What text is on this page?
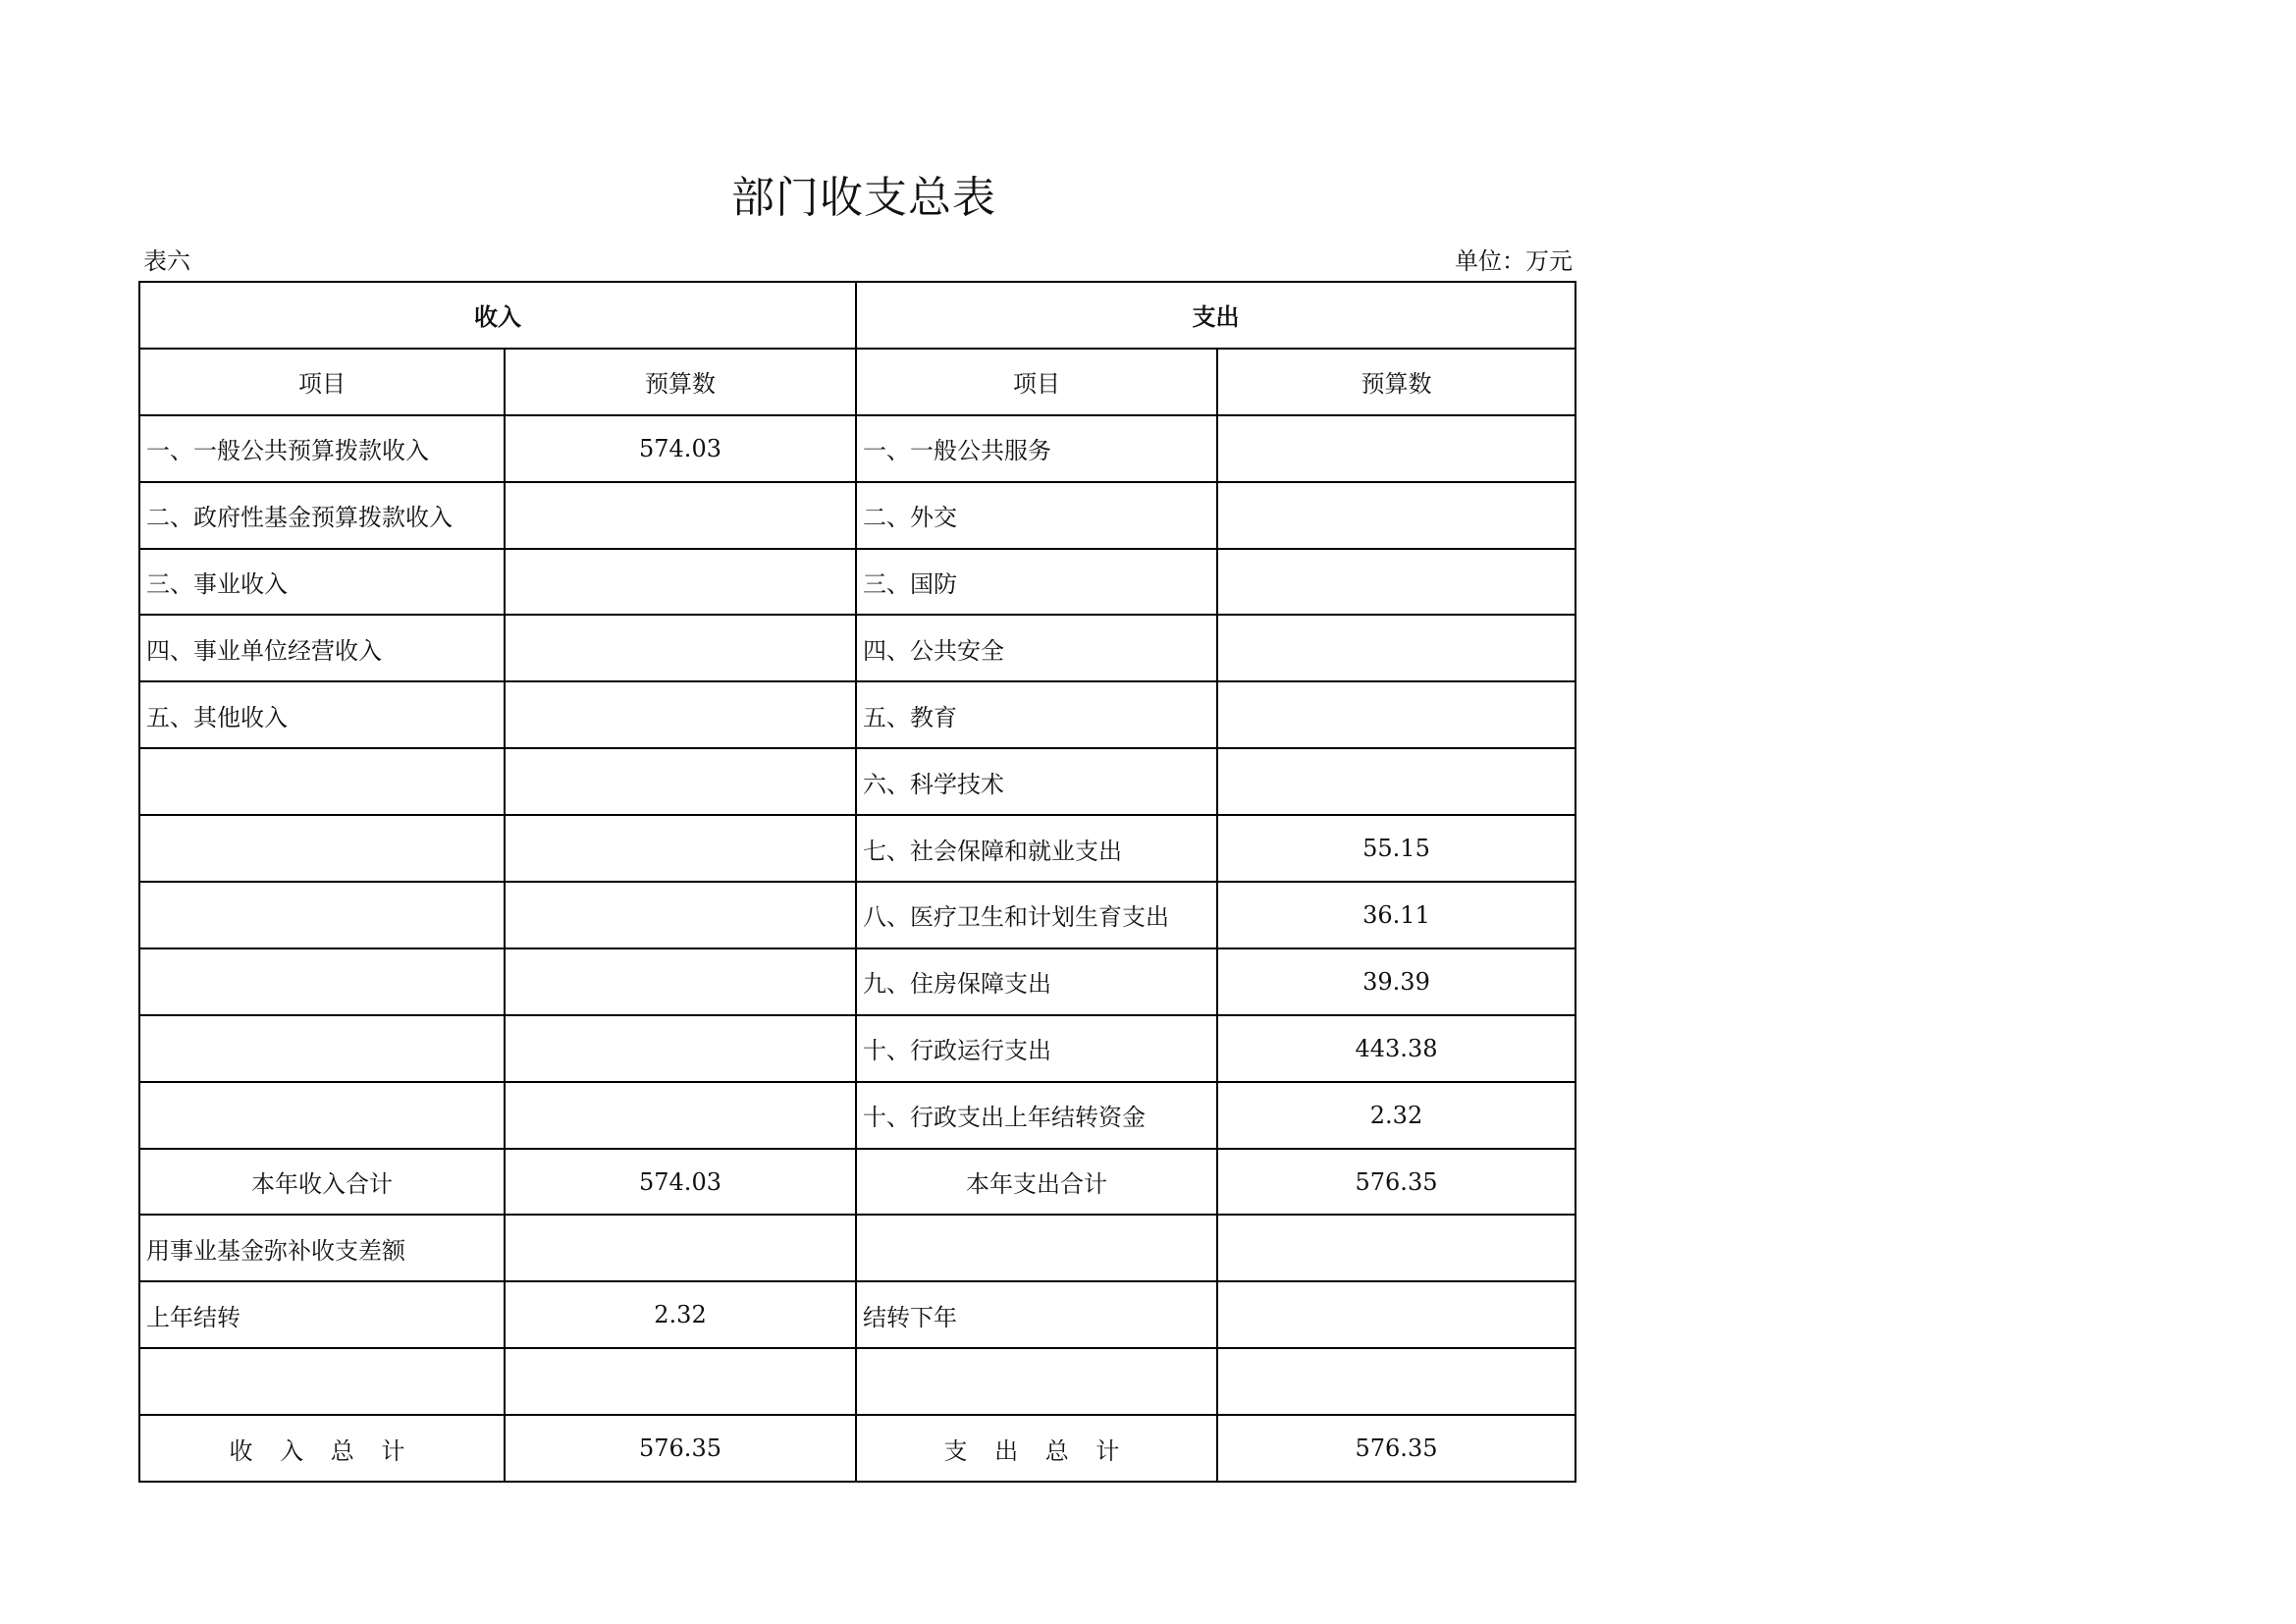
部门收支总表
表六	单位：万元
收入		支出	
项目	预算数	项目	预算数
一、一般公共预算拨款收入	574.03	一、一般公共服务	
二、政府性基金预算拨款收入		二、外交	
三、事业收入		三、国防	
四、事业单位经营收入		四、公共安全	
五、其他收入		五、教育	
		六、科学技术	
		七、社会保障和就业支出	55.15
		八、医疗卫生和计划生育支出	36.11
		九、住房保障支出	39.39
		十、行政运行支出	443.38
		十、行政支出上年结转资金	2.32
本年收入合计	574.03	本年支出合计	576.35
用事业基金弥补收支差额			
上年结转	2.32	结转下年	

收 入 总 计	576.35	支 出 总 计	576.35
